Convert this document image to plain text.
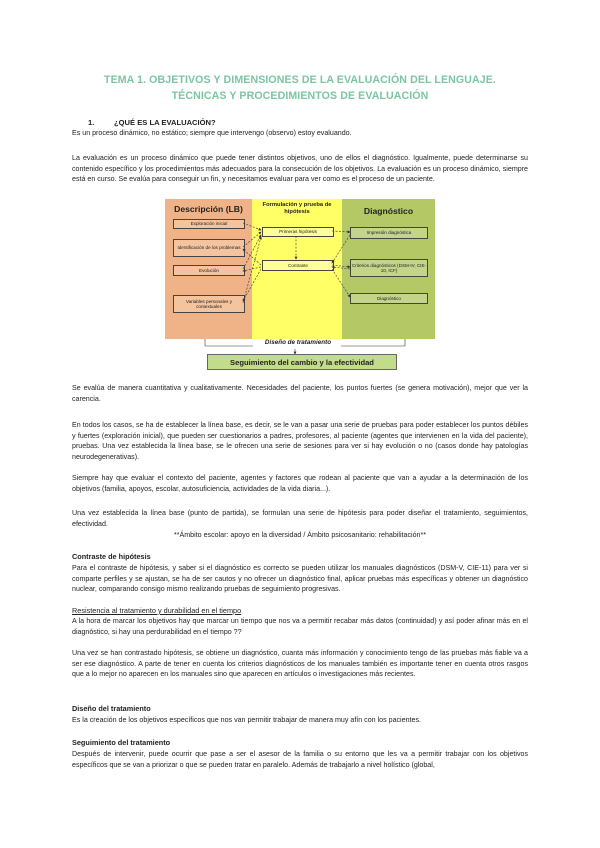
TEMA 1. OBJETIVOS Y DIMENSIONES DE LA EVALUACIÓN DEL LENGUAJE. TÉCNICAS Y PROCEDIMIENTOS DE EVALUACIÓN
1.	¿QUÉ ES LA EVALUACIÓN?

Es un proceso dinámico, no estático; siempre que intervengo (observo) estoy evaluando.

La evaluación es un proceso dinámico que puede tener distintos objetivos, uno de ellos el diagnóstico. Igualmente, puede determinarse su contenido específico y los procedimientos más adecuados para la consecución de los objetivos. La evaluación es un proceso dinámico, siempre está en curso. Se evalúa para conseguir un fin, y necesitamos evaluar para ver como es el proceso de un paciente.

Descripción (LB)
Exploración inicial
Identificación de los problemas
Evolución
Variables personales y contextuales
Formulación y prueba de hipótesis
Primeras hipótesis
Contraste
Diagnóstico
Impresión diagnóstica
Criterios diagnósticos (DSM-IV, CIE-10, ICF)
Diagnóstico
Diseño de tratamiento
Seguimiento del cambio y la efectividad

Se evalúa de manera cuantitativa y cualitativamente. Necesidades del paciente, los puntos fuertes (se genera motivación), mejor que ver la carencia.

En todos los casos, se ha de establecer la línea base, es decir, se le van a pasar una serie de pruebas para poder establecer los puntos débiles y fuertes (exploración inicial), que pueden ser cuestionarios a padres, profesores, al paciente (agentes que intervienen en la vida del paciente), pruebas. Una vez establecida la línea base, se le ofrecen una serie de sesiones para ver si hay evolución o no (casos donde hay patologías neurodegenerativas).

Siempre hay que evaluar el contexto del paciente, agentes y factores que rodean al paciente que van a ayudar a la determinación de los objetivos (familia, apoyos, escolar, autosuficiencia, actividades de la vida diaria...).

Una vez establecida la línea base (punto de partida), se formulan una serie de hipótesis para poder diseñar el tratamiento, seguimientos, efectividad.

**Ámbito escolar: apoyo en la diversidad / Ámbito psicosanitario: rehabilitación**
Contraste de hipótesis

Para el contraste de hipótesis, y saber si el diagnóstico es correcto se pueden utilizar los manuales diagnósticos (DSM-V, CIE-11) para ver si comparte perfiles y se ajustan, se ha de ser cautos y no ofrecer un diagnóstico final, aplicar pruebas más específicas y obtener un diagnóstico nuclear, comparando consigo mismo realizando pruebas de seguimiento progresivas.

Resistencia al tratamiento y durabilidad en el tiempo

A la hora de marcar los objetivos hay que marcar un tiempo que nos va a permitir recabar más datos (continuidad) y así poder afinar más en el diagnóstico, si hay una perdurabilidad en el tiempo ??

Una vez se han contrastado hipótesis, se obtiene un diagnóstico, cuanta más información y conocimiento tengo de las pruebas más fiable va a ser ese diagnóstico. A parte de tener en cuenta los criterios diagnósticos de los manuales también es importante tener en cuenta otros rasgos que a lo mejor no aparecen en los manuales sino que aparecen en artículos o investigaciones más recientes.

Diseño del tratamiento

Es la creación de los objetivos específicos que nos van permitir trabajar de manera muy afín con los pacientes.

Seguimiento del tratamiento

Después de intervenir, puede ocurrir que pase a ser el asesor de la familia o su entorno que les va a permitir trabajar con los objetivos específicos que se van a priorizar o que se pueden tratar en paralelo. Además de trabajarlo a nivel holístico (global,
